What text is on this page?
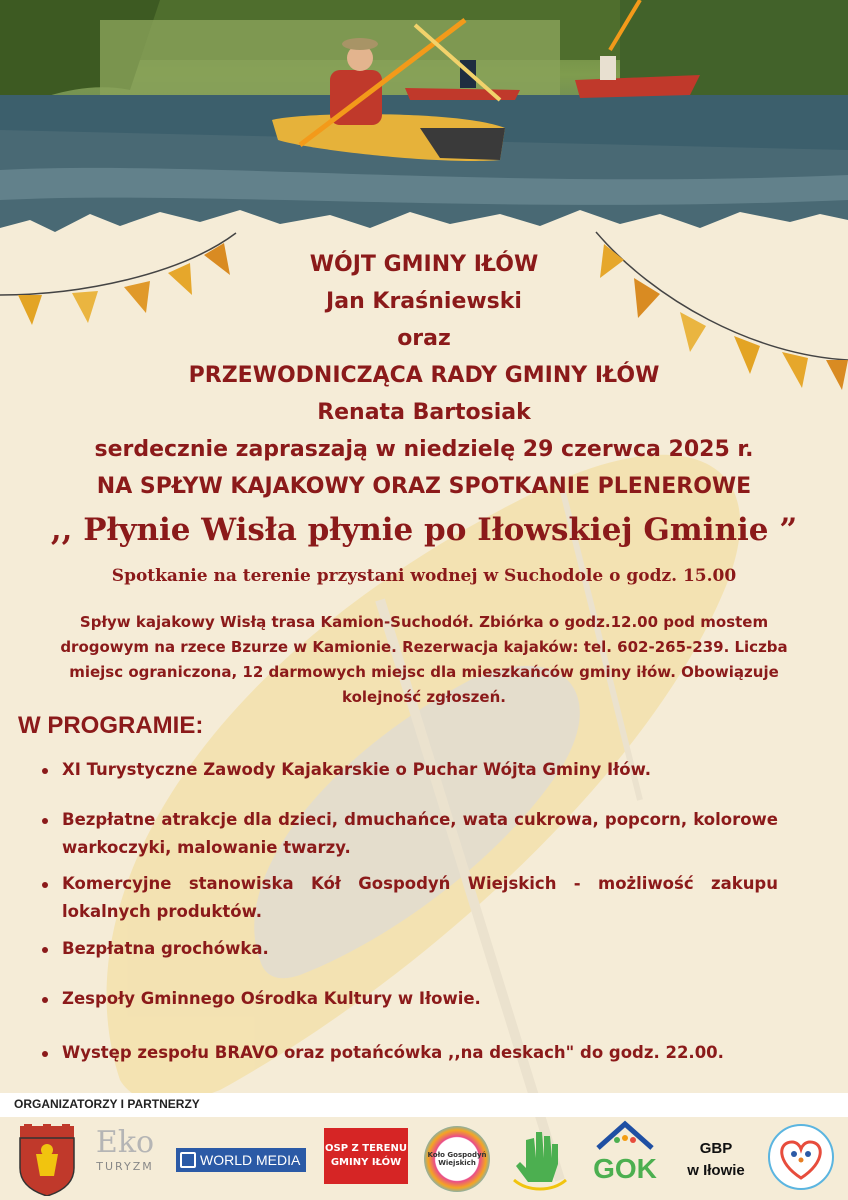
WÓJT GMINY IŁÓW
Jan Kraśniewski
oraz
PRZEWODNICZĄCA RADY GMINY IŁÓW
Renata Bartosiak
serdecznie zapraszają w niedzielę 29 czerwca 2025 r.
NA SPŁYW KAJAKOWY ORAZ SPOTKANIE PLENEROWE
,, Płynie Wisła płynie po Iłowskiej Gminie ”
Spotkanie na terenie przystani wodnej w Suchodole o godz. 15.00
Spływ kajakowy Wisłą trasa Kamion-Suchodół. Zbiórka o godz.12.00 pod mostem drogowym na rzece Bzurze w Kamionie. Rezerwacja kajaków: tel. 602-265-239. Liczba miejsc ograniczona, 12 darmowych miejsc dla mieszkańców gminy iłów. Obowiązuje kolejność zgłoszeń.
W PROGRAMIE:
XI Turystyczne Zawody Kajakarskie o Puchar Wójta Gminy Iłów.
Bezpłatne atrakcje dla dzieci, dmuchańce, wata cukrowa, popcorn, kolorowe warkoczyki, malowanie twarzy.
Komercyjne stanowiska Kół Gospodyń Wiejskich - możliwość zakupu lokalnych produktów.
Bezpłatna grochówka.
Zespoły Gminnego Ośrodka Kultury w Iłowie.
Występ zespołu BRAVO oraz potańcówka ,,na deskach" do godz. 22.00.
ORGANIZATORZY I PARTNERZY
Eko
TURYZM	WORLD MEDIA
OSP Z TERENU
GMINY IŁÓW
Koło Gospodyń
Wiejskich	GOK
GBP
w Iłowie
